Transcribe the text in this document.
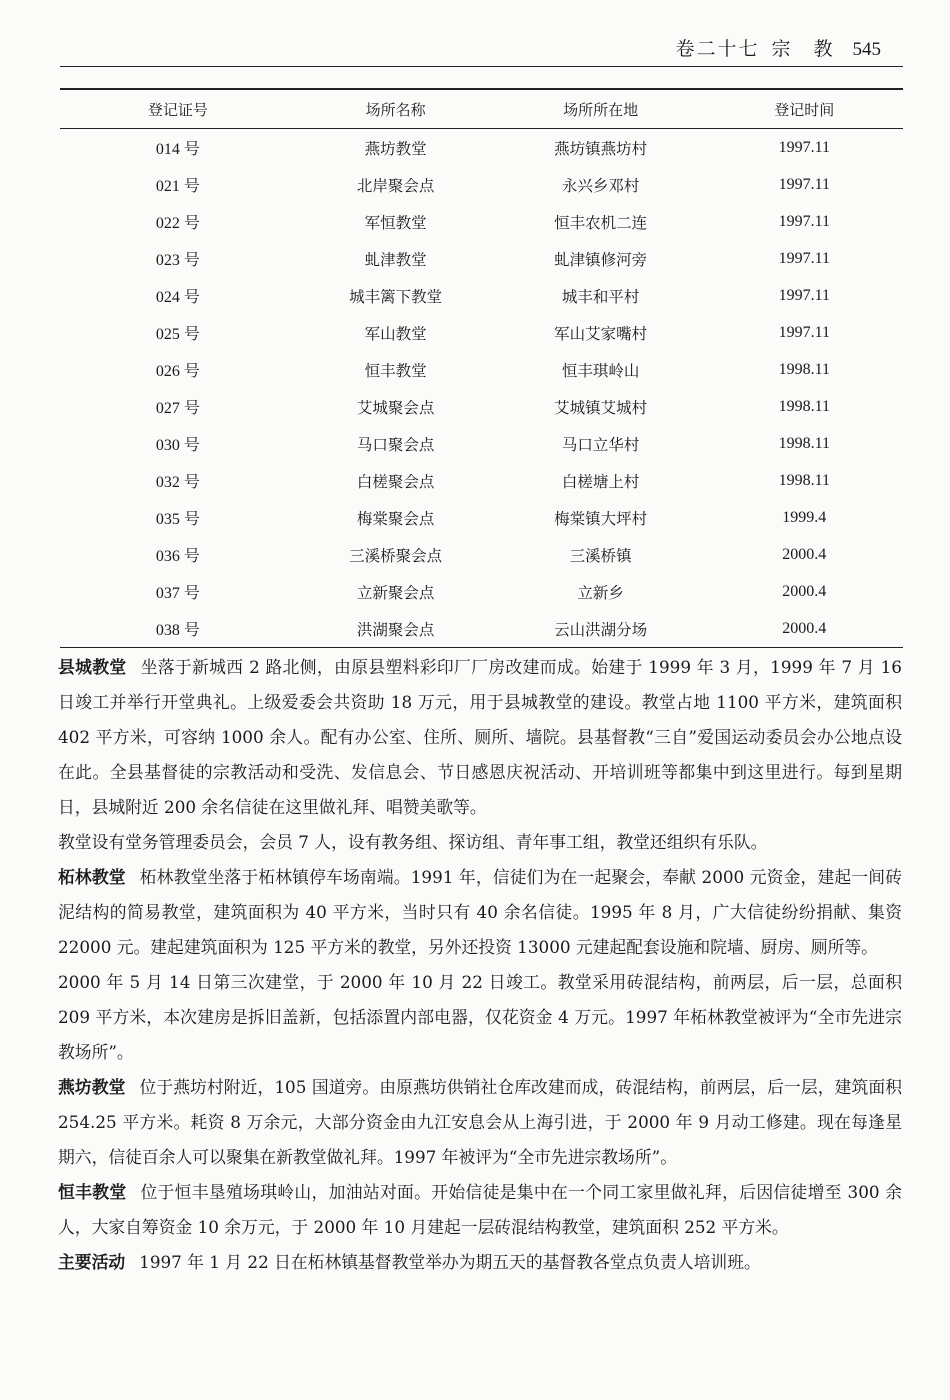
卷二十七 宗　教 545
登记证号	场所名称	场所所在地	登记时间
014 号	燕坊教堂	燕坊镇燕坊村	1997.11
021 号	北岸聚会点	永兴乡邓村	1997.11
022 号	军恒教堂	恒丰农机二连	1997.11
023 号	虬津教堂	虬津镇修河旁	1997.11
024 号	城丰篱下教堂	城丰和平村	1997.11
025 号	军山教堂	军山艾家嘴村	1997.11
026 号	恒丰教堂	恒丰琪岭山	1998.11
027 号	艾城聚会点	艾城镇艾城村	1998.11
030 号	马口聚会点	马口立华村	1998.11
032 号	白槎聚会点	白槎塘上村	1998.11
035 号	梅棠聚会点	梅棠镇大坪村	1999.4
036 号	三溪桥聚会点	三溪桥镇	2000.4
037 号	立新聚会点	立新乡	2000.4
038 号	洪湖聚会点	云山洪湖分场	2000.4

县城教堂 坐落于新城西 2 路北侧，由原县塑料彩印厂厂房改建而成。始建于 1999 年 3 月，1999 年 7 月 16 日竣工并举行开堂典礼。上级爱委会共资助 18 万元，用于县城教堂的建设。教堂占地 1100 平方米，建筑面积 402 平方米，可容纳 1000 余人。配有办公室、住所、厕所、墙院。县基督教“三自”爱国运动委员会办公地点设在此。全县基督徒的宗教活动和受洗、发信息会、节日感恩庆祝活动、开培训班等都集中到这里进行。每到星期日，县城附近 200 余名信徒在这里做礼拜、唱赞美歌等。

教堂设有堂务管理委员会，会员 7 人，设有教务组、探访组、青年事工组，教堂还组织有乐队。

柘林教堂 柘林教堂坐落于柘林镇停车场南端。1991 年，信徒们为在一起聚会，奉献 2000 元资金，建起一间砖泥结构的简易教堂，建筑面积为 40 平方米，当时只有 40 余名信徒。1995 年 8 月，广大信徒纷纷捐献、集资 22000 元。建起建筑面积为 125 平方米的教堂，另外还投资 13000 元建起配套设施和院墙、厨房、厕所等。

2000 年 5 月 14 日第三次建堂，于 2000 年 10 月 22 日竣工。教堂采用砖混结构，前两层，后一层，总面积 209 平方米，本次建房是拆旧盖新，包括添置内部电器，仅花资金 4 万元。1997 年柘林教堂被评为“全市先进宗教场所”。

燕坊教堂 位于燕坊村附近，105 国道旁。由原燕坊供销社仓库改建而成，砖混结构，前两层，后一层，建筑面积 254.25 平方米。耗资 8 万余元，大部分资金由九江安息会从上海引进，于 2000 年 9 月动工修建。现在每逢星期六，信徒百余人可以聚集在新教堂做礼拜。1997 年被评为“全市先进宗教场所”。

恒丰教堂 位于恒丰垦殖场琪岭山，加油站对面。开始信徒是集中在一个同工家里做礼拜，后因信徒增至 300 余人，大家自筹资金 10 余万元，于 2000 年 10 月建起一层砖混结构教堂，建筑面积 252 平方米。

主要活动 1997 年 1 月 22 日在柘林镇基督教堂举办为期五天的基督教各堂点负责人培训班。
